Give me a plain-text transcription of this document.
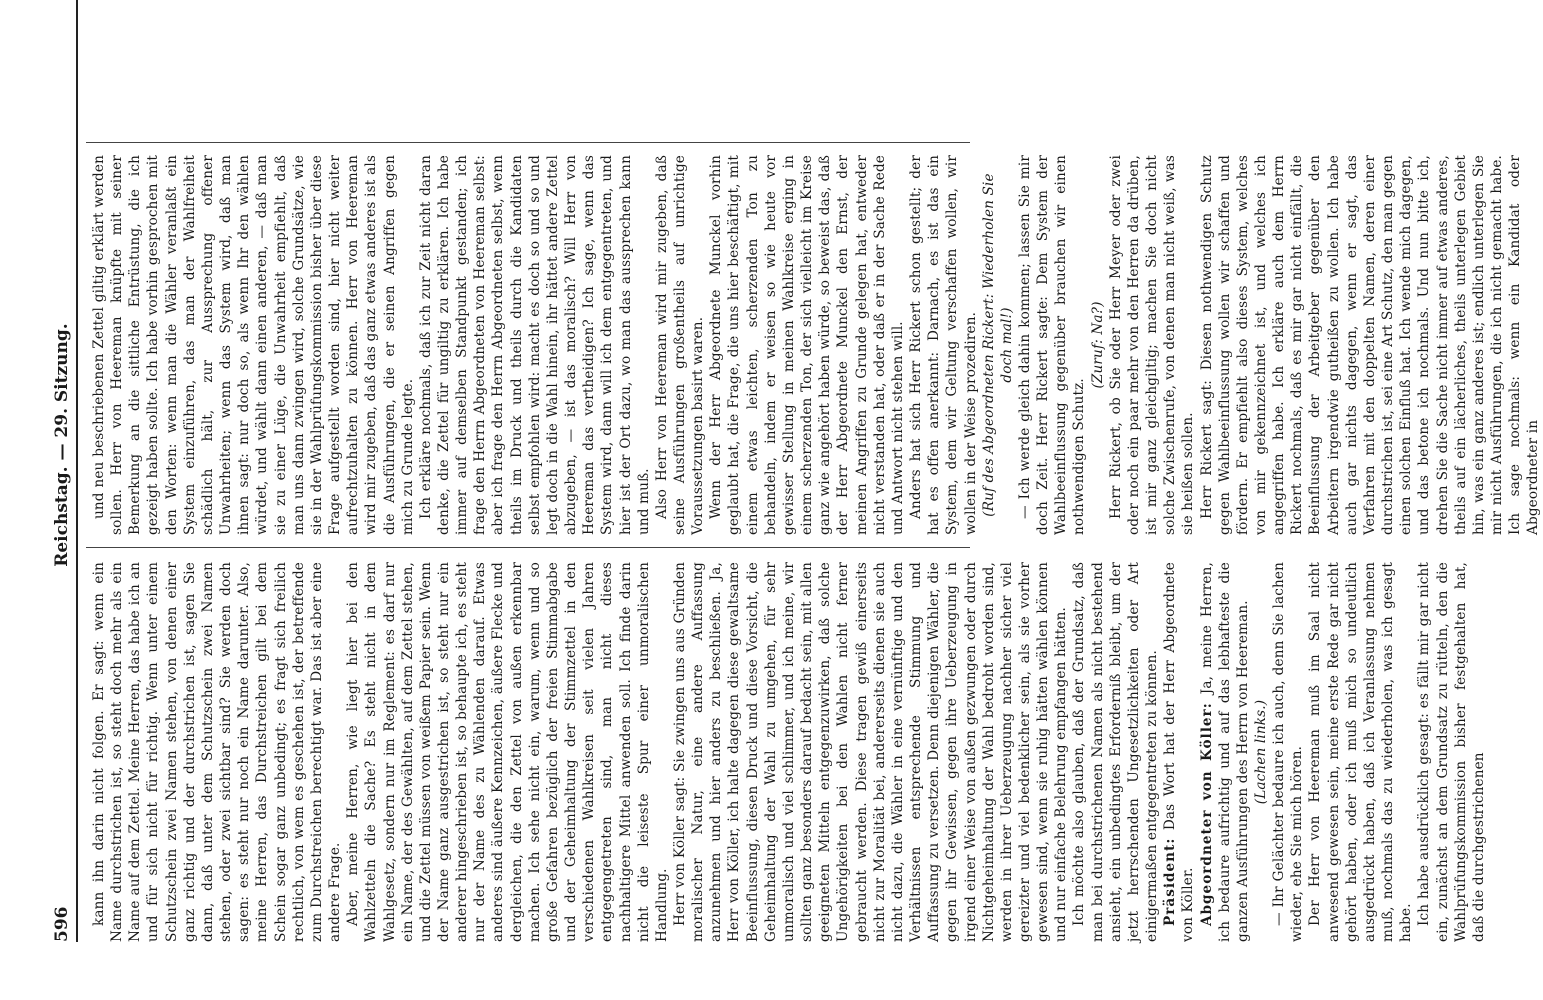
596
Reichstag. — 29. Sitzung.

kann ihn darin nicht folgen. Er sagt: wenn ein Name durchstrichen ist, so steht doch mehr als ein Name auf dem Zettel. Meine Herren, das habe ich an und für sich nicht für richtig. Wenn unter einem Schutzschein zwei Namen stehen, von denen einer ganz richtig und der durchstrichen ist, sagen Sie dann, daß unter dem Schutzschein zwei Namen stehen, oder zwei sichtbar sind? Sie werden doch sagen: es steht nur noch ein Name darunter. Also, meine Herren, das Durchstreichen gilt bei dem Schein sogar ganz unbedingt; es fragt sich freilich rechtlich, von wem es geschehen ist, der betreffende zum Durchstreichen berechtigt war. Das ist aber eine andere Frage. Aber, meine Herren, wie liegt hier bei den Wahlzetteln die Sache? Es steht nicht in dem Wahlgesetz, sondern nur im Reglement: es darf nur ein Name, der des Gewählten, auf dem Zettel stehen, und die Zettel müssen von weißem Papier sein. Wenn der Name ganz ausgestrichen ist, so steht nur ein anderer hingeschrieben ist, so behaupte ich, es steht nur der Name des zu Wählenden darauf. Etwas anderes sind äußere Kennzeichen, äußere Flecke und dergleichen, die den Zettel von außen erkennbar machen. Ich sehe nicht ein, warum, wenn und so große Gefahren bezüglich der freien Stimmabgabe und der Geheimhaltung der Stimmzettel in den verschiedenen Wahlkreisen seit vielen Jahren entgegengetreten sind, man nicht dieses nachhaltigere Mittel anwenden soll. Ich finde darin nicht die leiseste Spur einer unmoralischen Handlung. Herr von Köller sagt: Sie zwingen uns aus Gründen moralischer Natur, eine andere Auffassung anzunehmen und hier anders zu beschließen. Ja, Herr von Köller, ich halte dagegen diese gewaltsame Beeinflussung, diesen Druck und diese Vorsicht, die Geheimhaltung der Wahl zu umgehen, für sehr unmoralisch und viel schlimmer, und ich meine, wir sollten ganz besonders darauf bedacht sein, mit allen geeigneten Mitteln entgegenzuwirken, daß solche Ungehörigkeiten bei den Wahlen nicht ferner gebraucht werden. Diese tragen gewiß einerseits nicht zur Moralität bei, andererseits dienen sie auch nicht dazu, die Wähler in eine vernünftige und den Verhältnissen entsprechende Stimmung und Auffassung zu versetzen. Denn diejenigen Wähler, die gegen ihr Gewissen, gegen ihre Ueberzeugung in irgend einer Weise von außen gezwungen oder durch Nichtgeheimhaltung der Wahl bedroht worden sind, werden in ihrer Ueberzeugung nachher sicher viel gereizter und viel bedenklicher sein, als sie vorher gewesen sind, wenn sie ruhig hätten wählen können und nur einfache Belehrung empfangen hätten. Ich möchte also glauben, daß der Grundsatz, daß man bei durchstrichenen Namen als nicht bestehend ansieht, ein unbedingtes Erforderniß bleibt, um der jetzt herrschenden Ungesetzlichkeiten oder Art einigermaßen entgegentreten zu können. Präsident: Das Wort hat der Herr Abgeordnete von Köller. Abgeordneter von Köller: Ja, meine Herren, ich bedaure aufrichtig und auf das lebhafteste die ganzen Ausführungen des Herrn von Heereman. (Lachen links.) — Ihr Gelächter bedaure ich auch, denn Sie lachen wieder, ehe Sie mich hören. Der Herr von Heereman muß im Saal nicht anwesend gewesen sein, meine erste Rede gar nicht gehört haben, oder ich muß mich so undeutlich ausgedrückt haben, daß ich Veranlassung nehmen muß, nochmals das zu wiederholen, was ich gesagt habe. Ich habe ausdrücklich gesagt: es fällt mir gar nicht ein, zunächst an dem Grundsatz zu rütteln, den die Wahlprüfungskommission bisher festgehalten hat, daß die durchgestrichenen

und neu beschriebenen Zettel giltig erklärt werden sollen. Herr von Heereman knüpfte mit seiner Bemerkung an die sittliche Entrüstung, die ich gezeigt haben sollte. Ich habe vorhin gesprochen mit den Worten: wenn man die Wähler veranlaßt ein System einzuführen, das man der Wahlfreiheit schädlich hält, zur Aussprechung offener Unwahrheiten; wenn das System wird, daß man ihnen sagt: nur doch so, als wenn Ihr den wählen würdet, und wählt dann einen anderen, — daß man sie zu einer Lüge, die Unwahrheit empfiehlt, daß man uns dann zwingen wird, solche Grundsätze, wie sie in der Wahlprüfungskommission bisher über diese Frage aufgestellt worden sind, hier nicht weiter aufrechtzuhalten zu können. Herr von Heereman wird mir zugeben, daß das ganz etwas anderes ist als die Ausführungen, die er seinen Angriffen gegen mich zu Grunde legte. Ich erkläre nochmals, daß ich zur Zeit nicht daran denke, die Zettel für ungiltig zu erklären. Ich habe immer auf demselben Standpunkt gestanden; ich frage den Herrn Abgeordneten von Heereman selbst: aber ich frage den Herrn Abgeordneten selbst, wenn theils im Druck und theils durch die Kandidaten selbst empfohlen wird: macht es doch so und so und legt doch in die Wahl hinein, ihr hättet andere Zettel abzugeben, — ist das moralisch? Will Herr von Heereman das vertheidigen? Ich sage, wenn das System wird, dann will ich dem entgegentreten, und hier ist der Ort dazu, wo man das aussprechen kann und muß. Also Herr von Heereman wird mir zugeben, daß seine Ausführungen großentheils auf unrichtige Voraussetzungen basirt waren. Wenn der Herr Abgeordnete Munckel vorhin geglaubt hat, die Frage, die uns hier beschäftigt, mit einem etwas leichten, scherzenden Ton zu behandeln, indem er weisen so wie heute vor gewisser Stellung in meinen Wahlkreise erging in einem scherzenden Ton, der sich vielleicht im Kreise ganz wie angehört haben würde, so beweist das, daß der Herr Abgeordnete Munckel den Ernst, der meinen Angriffen zu Grunde gelegen hat, entweder nicht verstanden hat, oder daß er in der Sache Rede und Antwort nicht stehen will. Anders hat sich Herr Rickert schon gestellt; der hat es offen anerkannt: Darnach, es ist das ein System, dem wir Geltung verschaffen wollen, wir wollen in der Weise prozediren. (Ruf des Abgeordneten Rickert: Wiederholen Sie doch mal!) — Ich werde gleich dahin kommen; lassen Sie mir doch Zeit. Herr Rickert sagte: Dem System der Wahlbeeinflussung gegenüber brauchen wir einen nothwendigen Schutz.

(Zuruf: Na?) Herr Rickert, ob Sie oder Herr Meyer oder zwei oder noch ein paar mehr von den Herren da drüben, ist mir ganz gleichgiltig; machen Sie doch nicht solche Zwischenrufe, von denen man nicht weiß, was sie heißen sollen. Herr Rickert sagt: Diesen nothwendigen Schutz gegen Wahlbeeinflussung wollen wir schaffen und fördern. Er empfiehlt also dieses System, welches von mir gekennzeichnet ist, und welches ich angegriffen habe. Ich erkläre auch dem Herrn Rickert nochmals, daß es mir gar nicht einfällt, die Beeinflussung der Arbeitgeber gegenüber den Arbeitern irgendwie gutheißen zu wollen. Ich habe auch gar nichts dagegen, wenn er sagt, das Verfahren mit den doppelten Namen, deren einer durchstrichen ist, sei eine Art Schutz, den man gegen einen solchen Einfluß hat. Ich wende mich dagegen, und das betone ich nochmals. Und nun bitte ich, drehen Sie die Sache nicht immer auf etwas anderes, theils auf ein lächerliches, theils unterlegen Gebiet hin, was ein ganz anderes ist; endlich unterlegen Sie mir nicht Ausführungen, die ich nicht gemacht habe. Ich sage nochmals: wenn ein Kandidat oder Abgeordneter in
